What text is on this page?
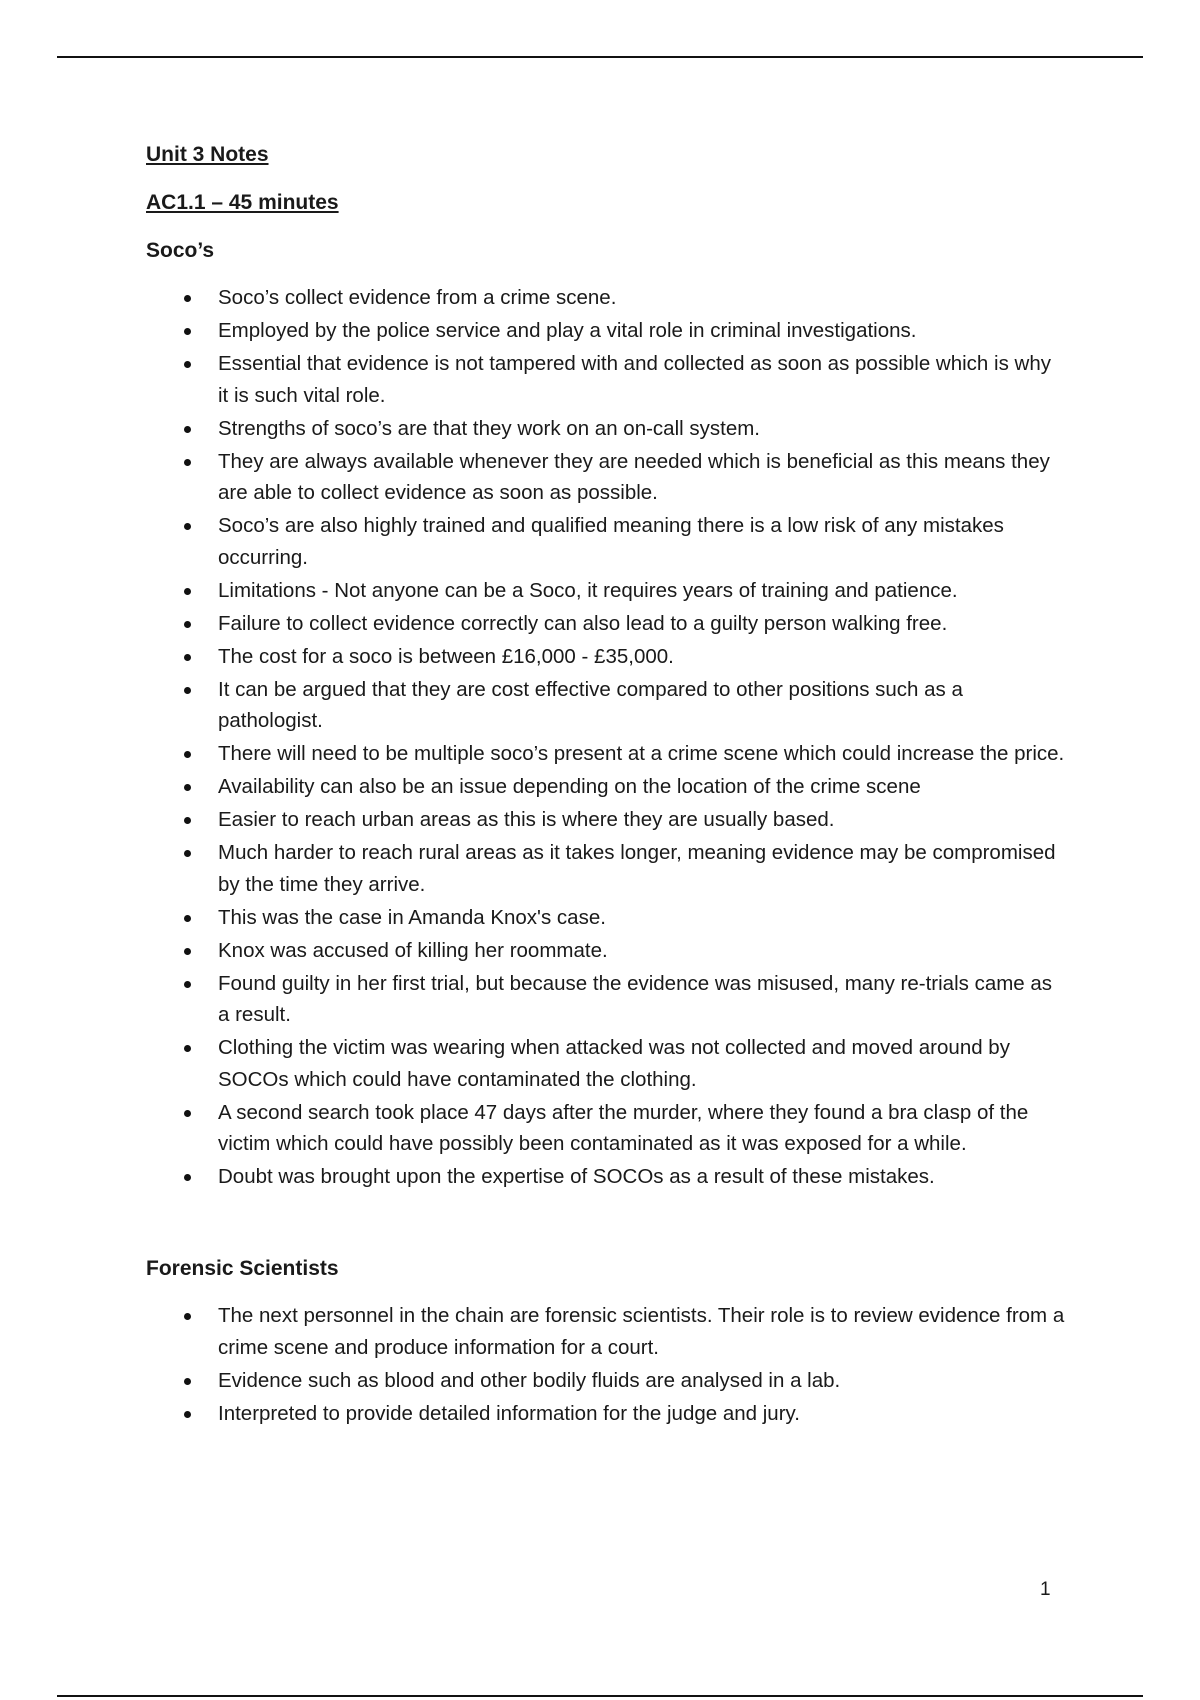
Unit 3 Notes

AC1.1 – 45 minutes

Soco’s

Soco’s collect evidence from a crime scene.
Employed by the police service and play a vital role in criminal investigations.
Essential that evidence is not tampered with and collected as soon as possible which is why it is such vital role.
Strengths of soco’s are that they work on an on-call system.
They are always available whenever they are needed which is beneficial as this means they are able to collect evidence as soon as possible.
Soco’s are also highly trained and qualified meaning there is a low risk of any mistakes occurring.
Limitations - Not anyone can be a Soco, it requires years of training and patience.
Failure to collect evidence correctly can also lead to a guilty person walking free.
The cost for a soco is between £16,000 - £35,000.
It can be argued that they are cost effective compared to other positions such as a pathologist.
There will need to be multiple soco’s present at a crime scene which could increase the price.
Availability can also be an issue depending on the location of the crime scene
Easier to reach urban areas as this is where they are usually based.
Much harder to reach rural areas as it takes longer, meaning evidence may be compromised by the time they arrive.
This was the case in Amanda Knox's case.
Knox was accused of killing her roommate.
Found guilty in her first trial, but because the evidence was misused, many re-trials came as a result.
Clothing the victim was wearing when attacked was not collected and moved around by SOCOs which could have contaminated the clothing.
A second search took place 47 days after the murder, where they found a bra clasp of the victim which could have possibly been contaminated as it was exposed for a while.
Doubt was brought upon the expertise of SOCOs as a result of these mistakes.

Forensic Scientists

The next personnel in the chain are forensic scientists. Their role is to review evidence from a crime scene and produce information for a court.
Evidence such as blood and other bodily fluids are analysed in a lab.
Interpreted to provide detailed information for the judge and jury.
1
